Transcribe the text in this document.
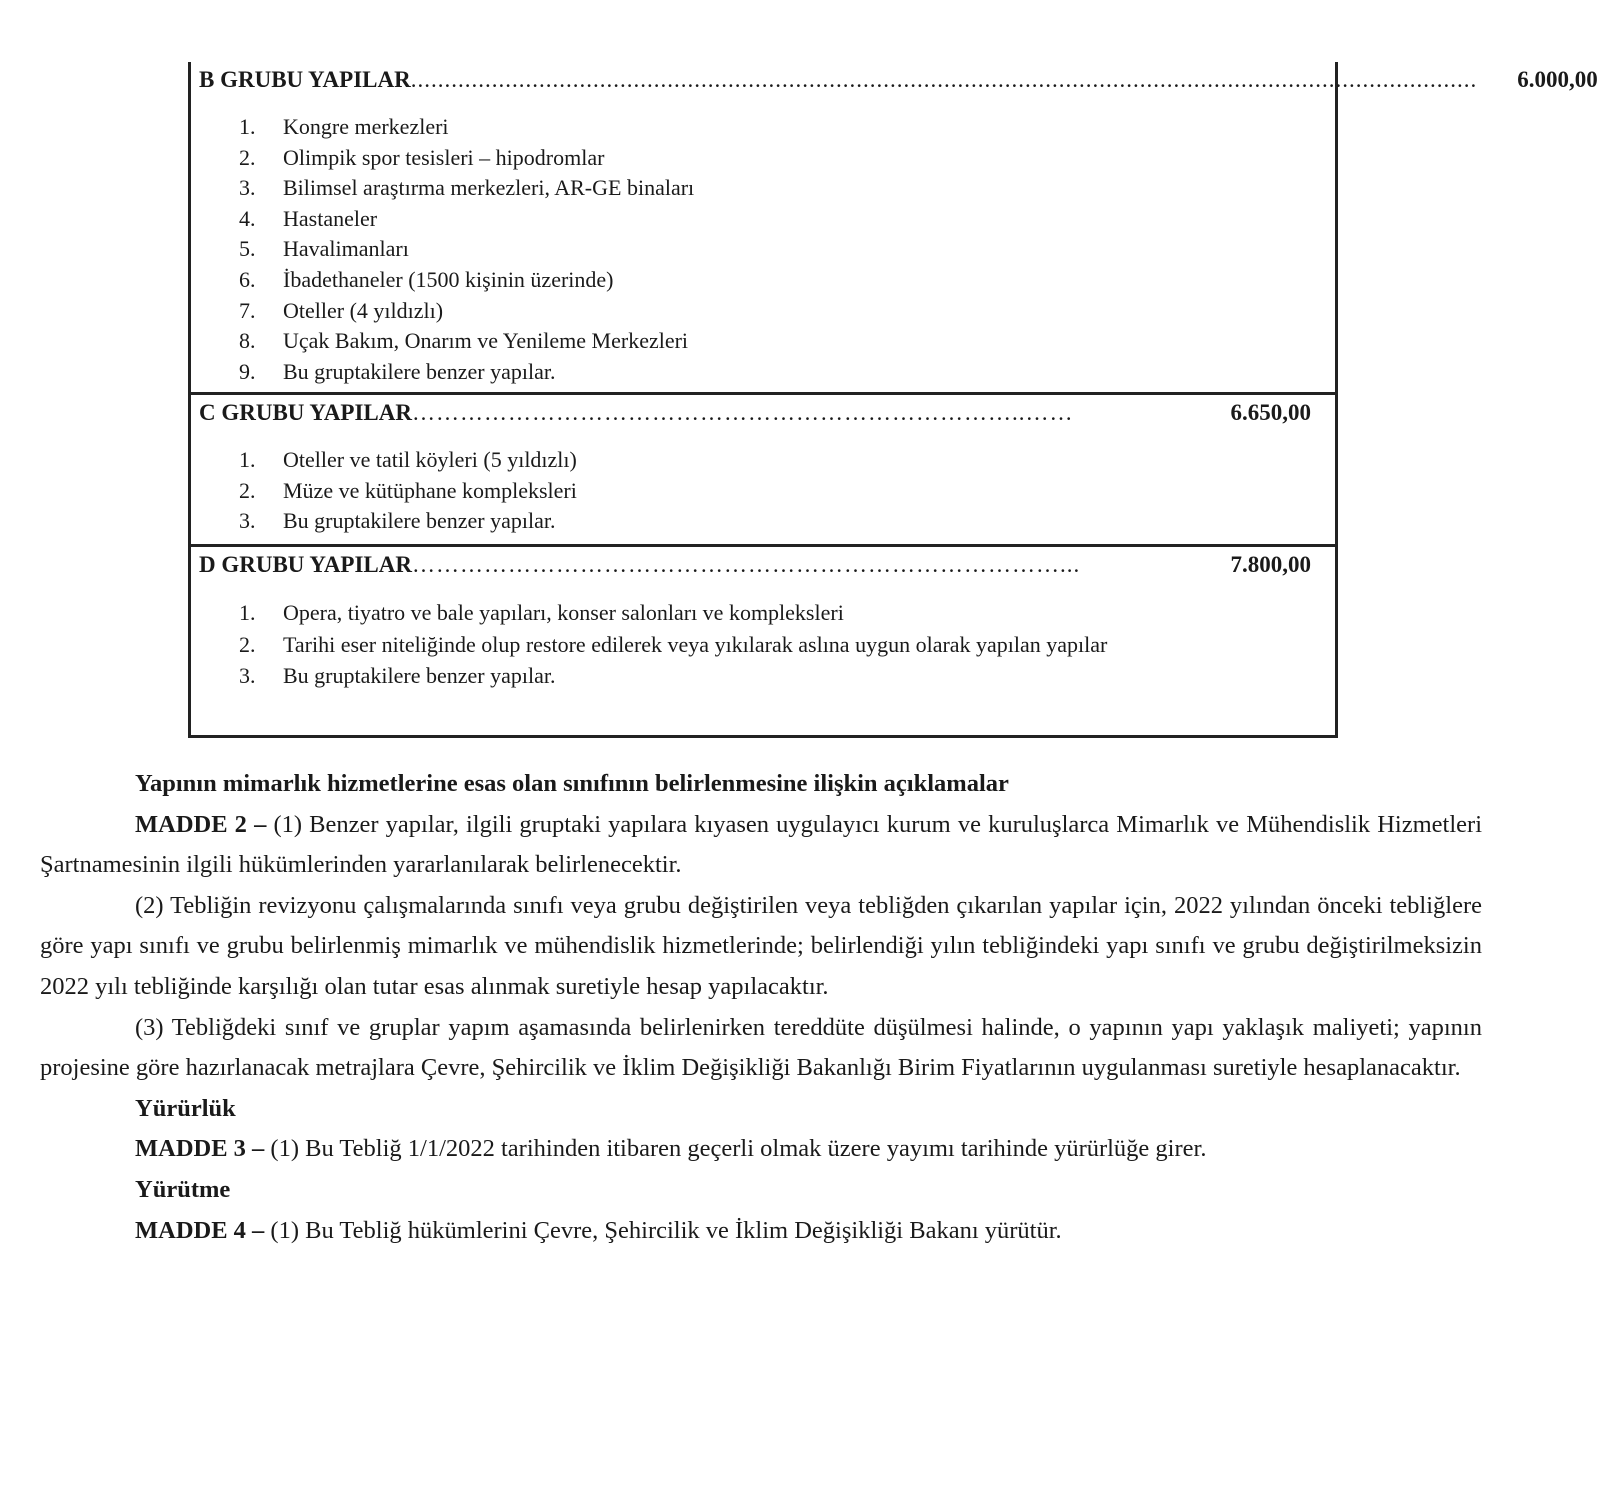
B GRUBU YAPILAR .............................................................................................................................................................. 6.000,00
1.	Kongre merkezleri
2.	Olimpik spor tesisleri – hipodromlar
3.	Bilimsel araştırma merkezleri, AR-GE binaları
4.	Hastaneler
5.	Havalimanları
6.	İbadethaneler (1500 kişinin üzerinde)
7.	Oteller (4 yıldızlı)
8.	Uçak Bakım, Onarım ve Yenileme Merkezleri
9.	Bu gruptakilere benzer yapılar.
C GRUBU YAPILAR …………………………………………………………………..……	6.650,00
1.	Oteller ve tatil köyleri (5 yıldızlı)
2.	Müze ve kütüphane kompleksleri
3.	Bu gruptakilere benzer yapılar.
D GRUBU YAPILAR ………………………………………………………………………...	7.800,00
1.	Opera, tiyatro ve bale yapıları, konser salonları ve kompleksleri
2.	Tarihi eser niteliğinde olup restore edilerek veya yıkılarak aslına uygun olarak yapılan yapılar
3.	Bu gruptakilere benzer yapılar.

Yapının mimarlık hizmetlerine esas olan sınıfının belirlenmesine ilişkin açıklamalar

MADDE 2 – (1) Benzer yapılar, ilgili gruptaki yapılara kıyasen uygulayıcı kurum ve kuruluşlarca Mimarlık ve Mühendislik Hizmetleri Şartnamesinin ilgili hükümlerinden yararlanılarak belirlenecektir.

(2) Tebliğin revizyonu çalışmalarında sınıfı veya grubu değiştirilen veya tebliğden çıkarılan yapılar için, 2022 yılından önceki tebliğlere göre yapı sınıfı ve grubu belirlenmiş mimarlık ve mühendislik hizmetlerinde; belirlendiği yılın tebliğindeki yapı sınıfı ve grubu değiştirilmeksizin 2022 yılı tebliğinde karşılığı olan tutar esas alınmak suretiyle hesap yapılacaktır.

(3) Tebliğdeki sınıf ve gruplar yapım aşamasında belirlenirken tereddüte düşülmesi halinde, o yapının yapı yaklaşık maliyeti; yapının projesine göre hazırlanacak metrajlara Çevre, Şehircilik ve İklim Değişikliği Bakanlığı Birim Fiyatlarının uygulanması suretiyle hesaplanacaktır.

Yürürlük

MADDE 3 – (1) Bu Tebliğ 1/1/2022 tarihinden itibaren geçerli olmak üzere yayımı tarihinde yürürlüğe girer.

Yürütme

MADDE 4 – (1) Bu Tebliğ hükümlerini Çevre, Şehircilik ve İklim Değişikliği Bakanı yürütür.
